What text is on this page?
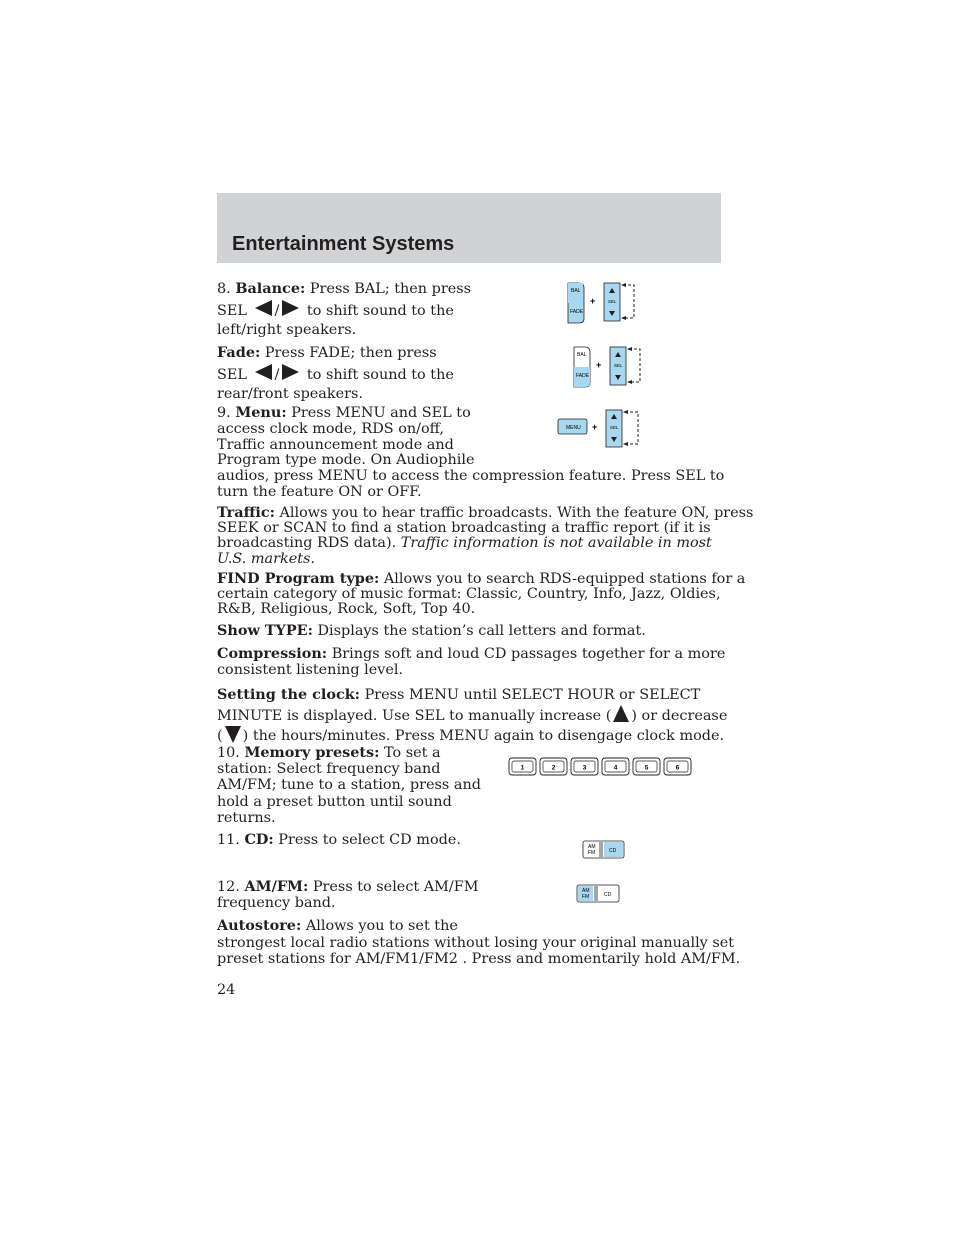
Entertainment Systems
8. Balance: Press BAL; then press
SEL / to shift sound to the
left/right speakers.
Fade: Press FADE; then press
SEL / to shift sound to the
rear/front speakers.
9. Menu: Press MENU and SEL to
access clock mode, RDS on/off,
Traffic announcement mode and
Program type mode. On Audiophile
audios, press MENU to access the compression feature. Press SEL to
turn the feature ON or OFF.
Traffic: Allows you to hear traffic broadcasts. With the feature ON, press
SEEK or SCAN to find a station broadcasting a traffic report (if it is
broadcasting RDS data). Traffic information is not available in most
U.S. markets.
FIND Program type: Allows you to search RDS-equipped stations for a
certain category of music format: Classic, Country, Info, Jazz, Oldies,
R&B, Religious, Rock, Soft, Top 40.
Show TYPE: Displays the station’s call letters and format.
Compression: Brings soft and loud CD passages together for a more
consistent listening level.
Setting the clock: Press MENU until SELECT HOUR or SELECT
MINUTE is displayed. Use SEL to manually increase ( ) or decrease
( ) the hours/minutes. Press MENU again to disengage clock mode.
10. Memory presets: To set a
station: Select frequency band
AM/FM; tune to a station, press and
hold a preset button until sound
returns.
11. CD: Press to select CD mode.
12. AM/FM: Press to select AM/FM
frequency band.
Autostore: Allows you to set the
strongest local radio stations without losing your original manually set
preset stations for AM/FM1/FM2 . Press and momentarily hold AM/FM.
24
BAL
FADE
+	SEL
BAL
FADE
+	SEL
MENU +	SEL
1	2	3	4	5	6
AM
FM	CD
AM
FM	CD
